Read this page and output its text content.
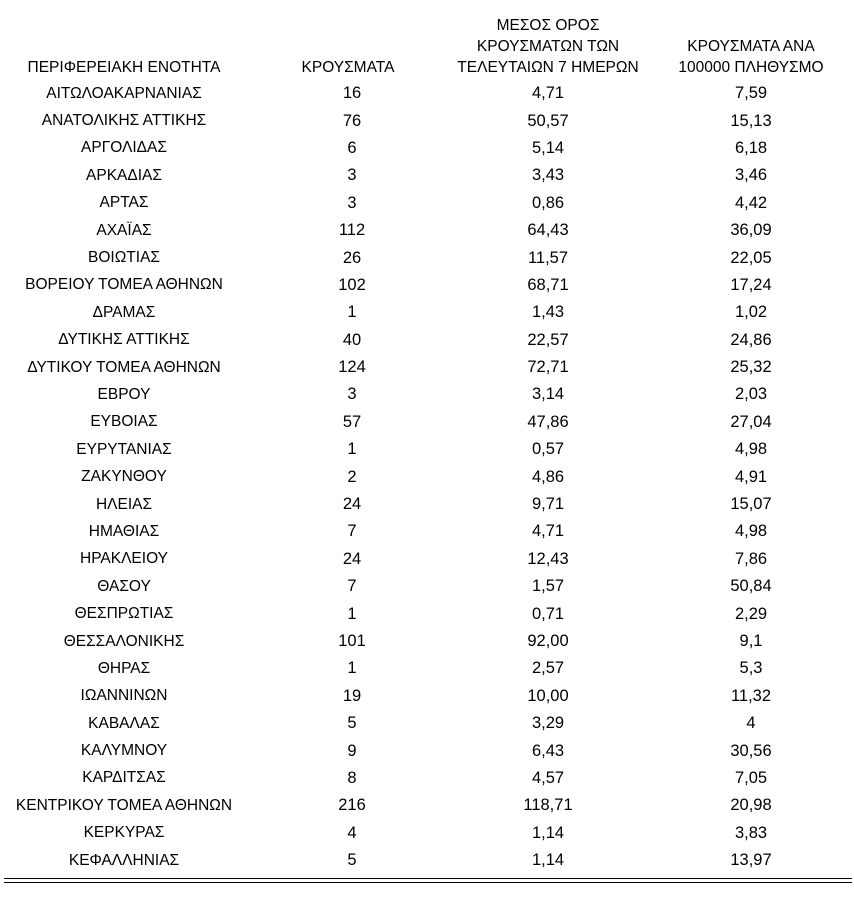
ΠΕΡΙΦΕΡΕΙΑΚΗ ΕΝΟΤΗΤΑ	ΚΡΟΥΣΜΑΤΑ	ΜΕΣΟΣ ΟΡΟΣ
ΚΡΟΥΣΜΑΤΩΝ ΤΩΝ
ΤΕΛΕΥΤΑΙΩΝ 7 ΗΜΕΡΩΝ	ΚΡΟΥΣΜΑΤΑ ΑΝΑ
100000 ΠΛΗΘΥΣΜΟ
ΑΙΤΩΛΟΑΚΑΡΝΑΝΙΑΣ	16	4,71	7,59
ΑΝΑΤΟΛΙΚΗΣ ΑΤΤΙΚΗΣ	76	50,57	15,13
ΑΡΓΟΛΙΔΑΣ	6	5,14	6,18
ΑΡΚΑΔΙΑΣ	3	3,43	3,46
ΑΡΤΑΣ	3	0,86	4,42
ΑΧΑΪΑΣ	112	64,43	36,09
ΒΟΙΩΤΙΑΣ	26	11,57	22,05
ΒΟΡΕΙΟΥ ΤΟΜΕΑ ΑΘΗΝΩΝ	102	68,71	17,24
ΔΡΑΜΑΣ	1	1,43	1,02
ΔΥΤΙΚΗΣ ΑΤΤΙΚΗΣ	40	22,57	24,86
ΔΥΤΙΚΟΥ ΤΟΜΕΑ ΑΘΗΝΩΝ	124	72,71	25,32
ΕΒΡΟΥ	3	3,14	2,03
ΕΥΒΟΙΑΣ	57	47,86	27,04
ΕΥΡΥΤΑΝΙΑΣ	1	0,57	4,98
ΖΑΚΥΝΘΟΥ	2	4,86	4,91
ΗΛΕΙΑΣ	24	9,71	15,07
ΗΜΑΘΙΑΣ	7	4,71	4,98
ΗΡΑΚΛΕΙΟΥ	24	12,43	7,86
ΘΑΣΟΥ	7	1,57	50,84
ΘΕΣΠΡΩΤΙΑΣ	1	0,71	2,29
ΘΕΣΣΑΛΟΝΙΚΗΣ	101	92,00	9,1
ΘΗΡΑΣ	1	2,57	5,3
ΙΩΑΝΝΙΝΩΝ	19	10,00	11,32
ΚΑΒΑΛΑΣ	5	3,29	4
ΚΑΛΥΜΝΟΥ	9	6,43	30,56
ΚΑΡΔΙΤΣΑΣ	8	4,57	7,05
ΚΕΝΤΡΙΚΟΥ ΤΟΜΕΑ ΑΘΗΝΩΝ	216	118,71	20,98
ΚΕΡΚΥΡΑΣ	4	1,14	3,83
ΚΕΦΑΛΛΗΝΙΑΣ	5	1,14	13,97
